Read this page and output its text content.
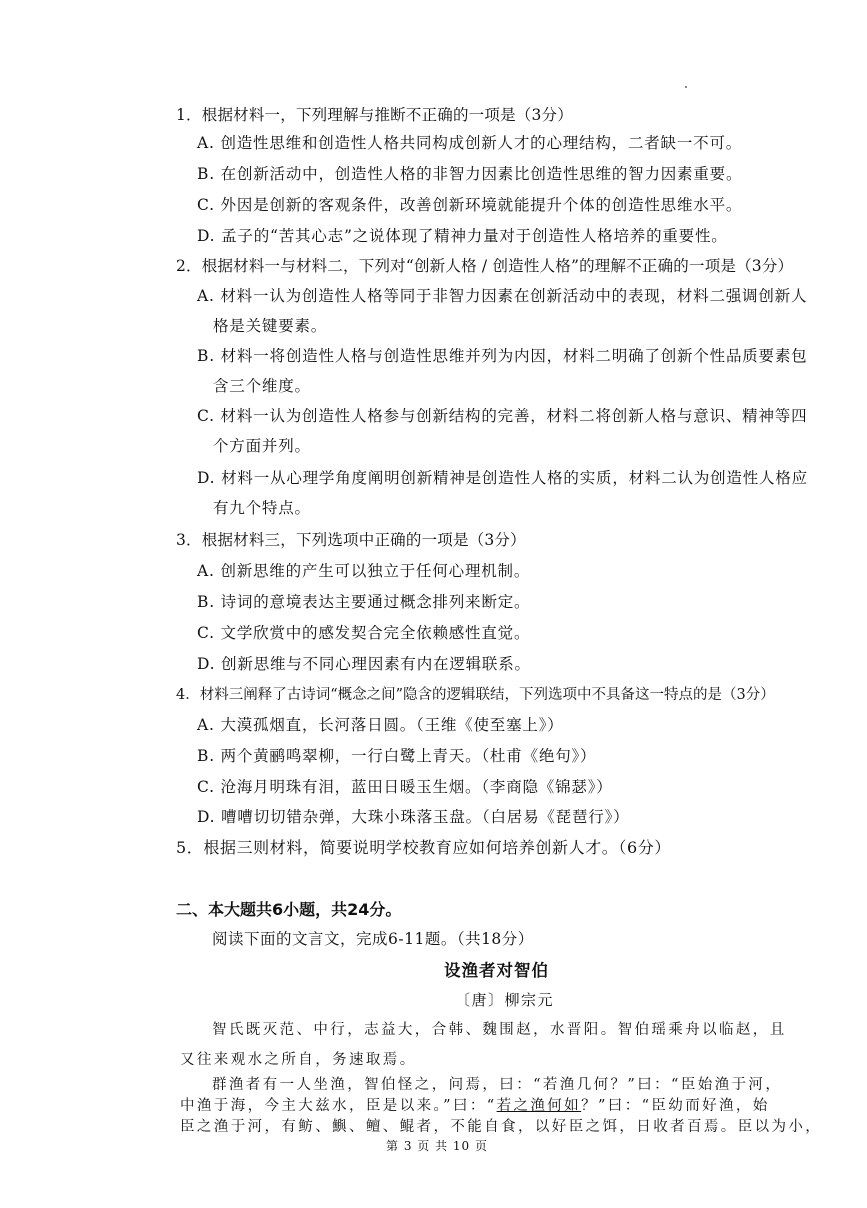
1．根据材料一，下列理解与推断不正确的一项是（3分）
A. 创造性思维和创造性人格共同构成创新人才的心理结构，二者缺一不可。
B. 在创新活动中，创造性人格的非智力因素比创造性思维的智力因素重要。
C. 外因是创新的客观条件，改善创新环境就能提升个体的创造性思维水平。
D. 孟子的“苦其心志”之说体现了精神力量对于创造性人格培养的重要性。
2．根据材料一与材料二，下列对“创新人格 / 创造性人格”的理解不正确的一项是（3分）
A. 材料一认为创造性人格等同于非智力因素在创新活动中的表现，材料二强调创新人格是关键要素。
B. 材料一将创造性人格与创造性思维并列为内因，材料二明确了创新个性品质要素包含三个维度。
C. 材料一认为创造性人格参与创新结构的完善，材料二将创新人格与意识、精神等四个方面并列。
D. 材料一从心理学角度阐明创新精神是创造性人格的实质，材料二认为创造性人格应有九个特点。
3．根据材料三，下列选项中正确的一项是（3分）
A. 创新思维的产生可以独立于任何心理机制。
B. 诗词的意境表达主要通过概念排列来断定。
C. 文学欣赏中的感发契合完全依赖感性直觉。
D. 创新思维与不同心理因素有内在逻辑联系。
4．材料三阐释了古诗词“概念之间”隐含的逻辑联结，下列选项中不具备这一特点的是（3分）
A. 大漠孤烟直，长河落日圆。（王维《使至塞上》）
B. 两个黄鹂鸣翠柳，一行白鹭上青天。（杜甫《绝句》）
C. 沧海月明珠有泪，蓝田日暖玉生烟。（李商隐《锦瑟》）
D. 嘈嘈切切错杂弹，大珠小珠落玉盘。（白居易《琵琶行》）
5．根据三则材料，简要说明学校教育应如何培养创新人才。（6分）
二、本大题共6小题，共24分。
阅读下面的文言文，完成6-11题。（共18分）
设渔者对智伯
〔唐〕柳宗元
智氏既灭范、中行，志益大，合韩、魏围赵，水晋阳。智伯瑶乘舟以临赵，且
又往来观水之所自，务速取焉。
群渔者有一人坐渔，智伯怪之，问焉，曰：“若渔几何？”曰：“臣始渔于河，
中渔于海，今主大兹水，臣是以来。”曰：“若之渔何如？”曰：“臣幼而好渔，始
臣之渔于河，有鲂、鱮、鳣、鲲者，不能自食，以好臣之饵，日收者百焉。臣以为小，
第 3 页 共 10 页
